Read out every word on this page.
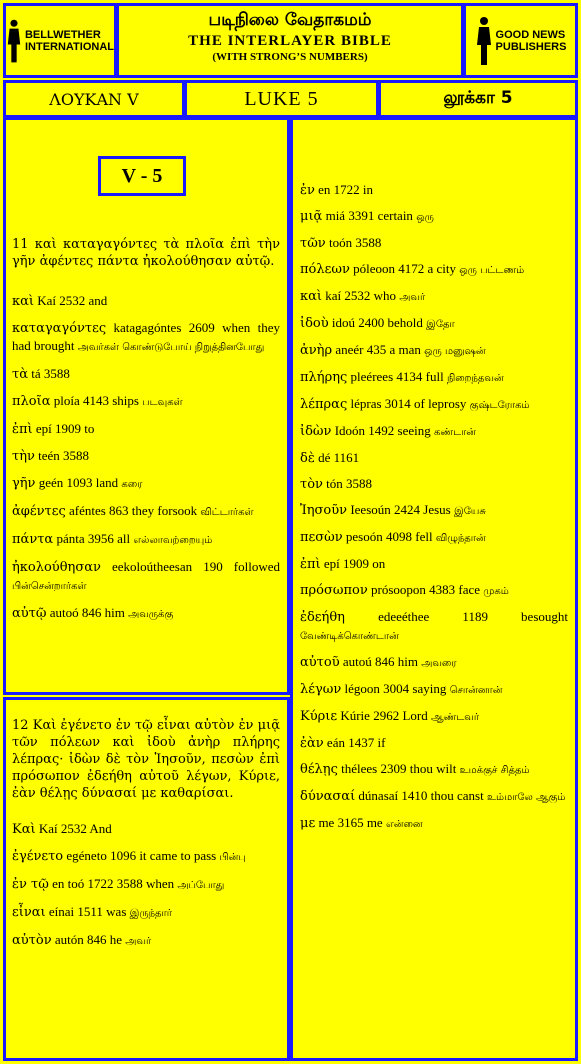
BELLWETHER
INTERNATIONAL
படிநிலை வேதாகமம்
THE INTERLAYER BIBLE
(WITH STRONG’S NUMBERS)
GOOD NEWS
PUBLISHERS
ΛΟΥΚΑΝ V	LUKE 5	லூக்கா 5
V - 5
11 καὶ καταγαγόντες τὰ πλοῖα ἐπὶ τὴν γῆν ἀφέντες πάντα ἠκολούθησαν αὐτῷ.
καὶ Kaí 2532 and
καταγαγόντες katagagóntes 2609 when they had brought அவர்கள் கொண்டுபோய் நிறுத்தினபோது
τὰ tá 3588
πλοῖα ploía 4143 ships படவுகள்
ἐπὶ epí 1909 to
τὴν teén 3588
γῆν geén 1093 land கரை
ἀφέντες aféntes 863 they forsook விட்டார்கள்
πάντα pánta 3956 all எல்லாவற்றையும்
ἠκολούθησαν eekoloútheesan 190 followed பின்சென்றார்கள்
αὐτῷ autoó 846 him அவருக்கு
12 Καὶ ἐγένετο ἐν τῷ εἶναι αὐτὸν ἐν μιᾷ τῶν πόλεων καὶ ἰδοὺ ἀνὴρ πλήρης λέπρας· ἰδὼν δὲ τὸν Ἰησοῦν, πεσὼν ἐπὶ πρόσωπον ἐδεήθη αὐτοῦ λέγων, Κύριε, ἐὰν θέλῃς δύνασαί με καθαρίσαι.
Καὶ Kaí 2532 And
ἐγένετο egéneto 1096 it came to pass பின்பு
ἐν τῷ en toó 1722 3588 when அப்போது
εἶναι eínai 1511 was இருந்தார்
αὐτὸν autón 846 he அவர்
ἐν en 1722 in
μιᾷ miá 3391 certain ஒரு
τῶν toón 3588
πόλεων póleoon 4172 a city ஒரு பட்டணம்
καὶ kaí 2532 who அவர்
ἰδοὺ idoú 2400 behold இதோ
ἀνὴρ aneér 435 a man ஒரு மனுஷன்
πλήρης pleérees 4134 full நிறைந்தவன்
λέπρας lépras 3014 of leprosy குஷ்டரோகம்
ἰδὼν Idoón 1492 seeing கண்டான்
δὲ dé 1161
τὸν tón 3588
Ἰησοῦν Ieesoún 2424 Jesus இயேசு
πεσὼν pesoón 4098 fell விழுந்தான்
ἐπὶ epí 1909 on
πρόσωπον prósoopon 4383 face முகம்
ἐδεήθη	edeeéthee 1189 besought வேண்டிக்கொண்டான்
αὐτοῦ autoú 846 him அவரை
λέγων légoon 3004 saying சொன்னான்
Κύριε Kúrie 2962 Lord ஆண்டவர்
ἐὰν eán 1437 if
θέλῃς thélees 2309 thou wilt உமக்குச் சித்தம்
δύνασαί dúnasaí 1410 thou canst உம்மாலே ஆகும்
με me 3165 me என்னை
